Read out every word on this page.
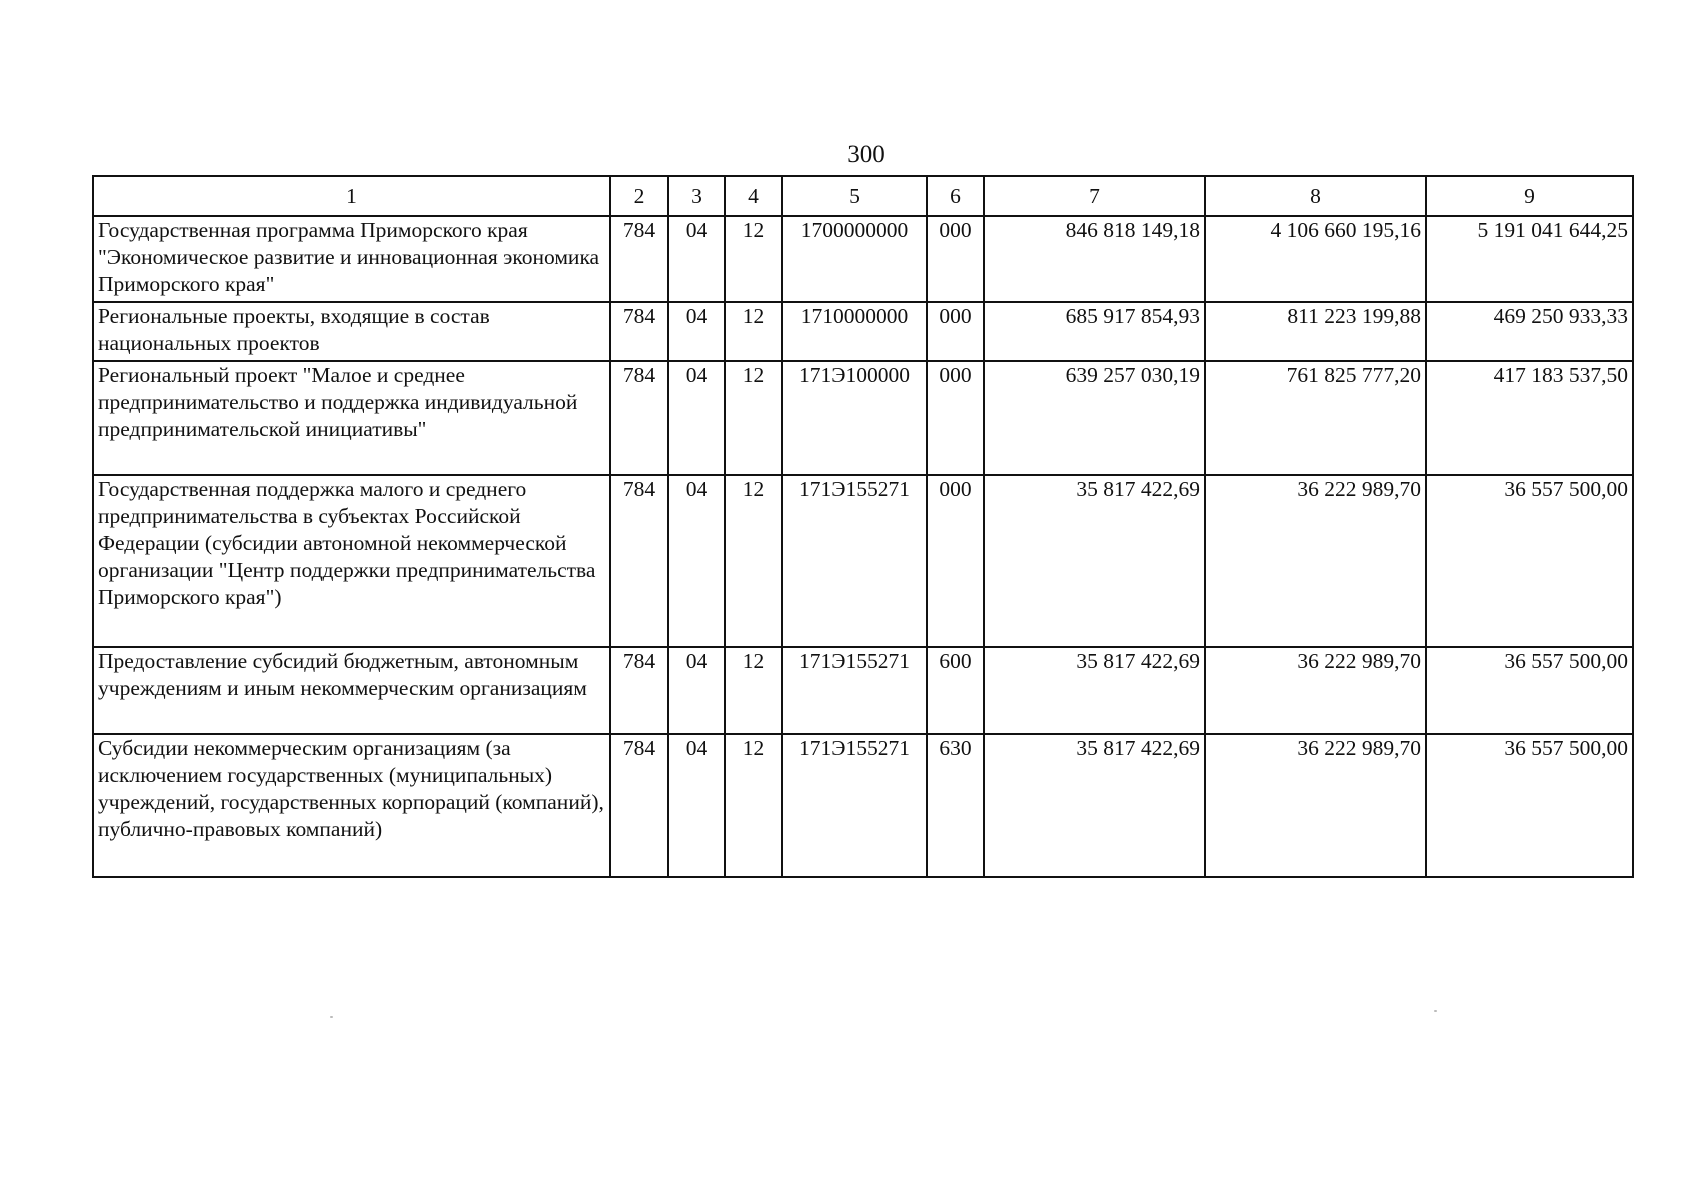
300
1	2	3	4	5	6	7	8	9
Государственная программа Приморского края "Экономическое развитие и инновационная экономика Приморского края"	784	04	12	1700000000	000	846 818 149,18	4 106 660 195,16	5 191 041 644,25
Региональные проекты, входящие в состав национальных проектов	784	04	12	1710000000	000	685 917 854,93	811 223 199,88	469 250 933,33
Региональный проект "Малое и среднее предпринимательство и поддержка индивидуальной предпринимательской инициативы"	784	04	12	171Э100000	000	639 257 030,19	761 825 777,20	417 183 537,50
Государственная поддержка малого и среднего предпринимательства в субъектах Российской Федерации (субсидии автономной некоммерческой организации "Центр поддержки предпринимательства Приморского края")	784	04	12	171Э155271	000	35 817 422,69	36 222 989,70	36 557 500,00
Предоставление субсидий бюджетным, автономным учреждениям и иным некоммерческим организациям	784	04	12	171Э155271	600	35 817 422,69	36 222 989,70	36 557 500,00
Субсидии некоммерческим организациям (за исключением государственных (муниципальных) учреждений, государственных корпораций (компаний), публично-правовых компаний)	784	04	12	171Э155271	630	35 817 422,69	36 222 989,70	36 557 500,00
